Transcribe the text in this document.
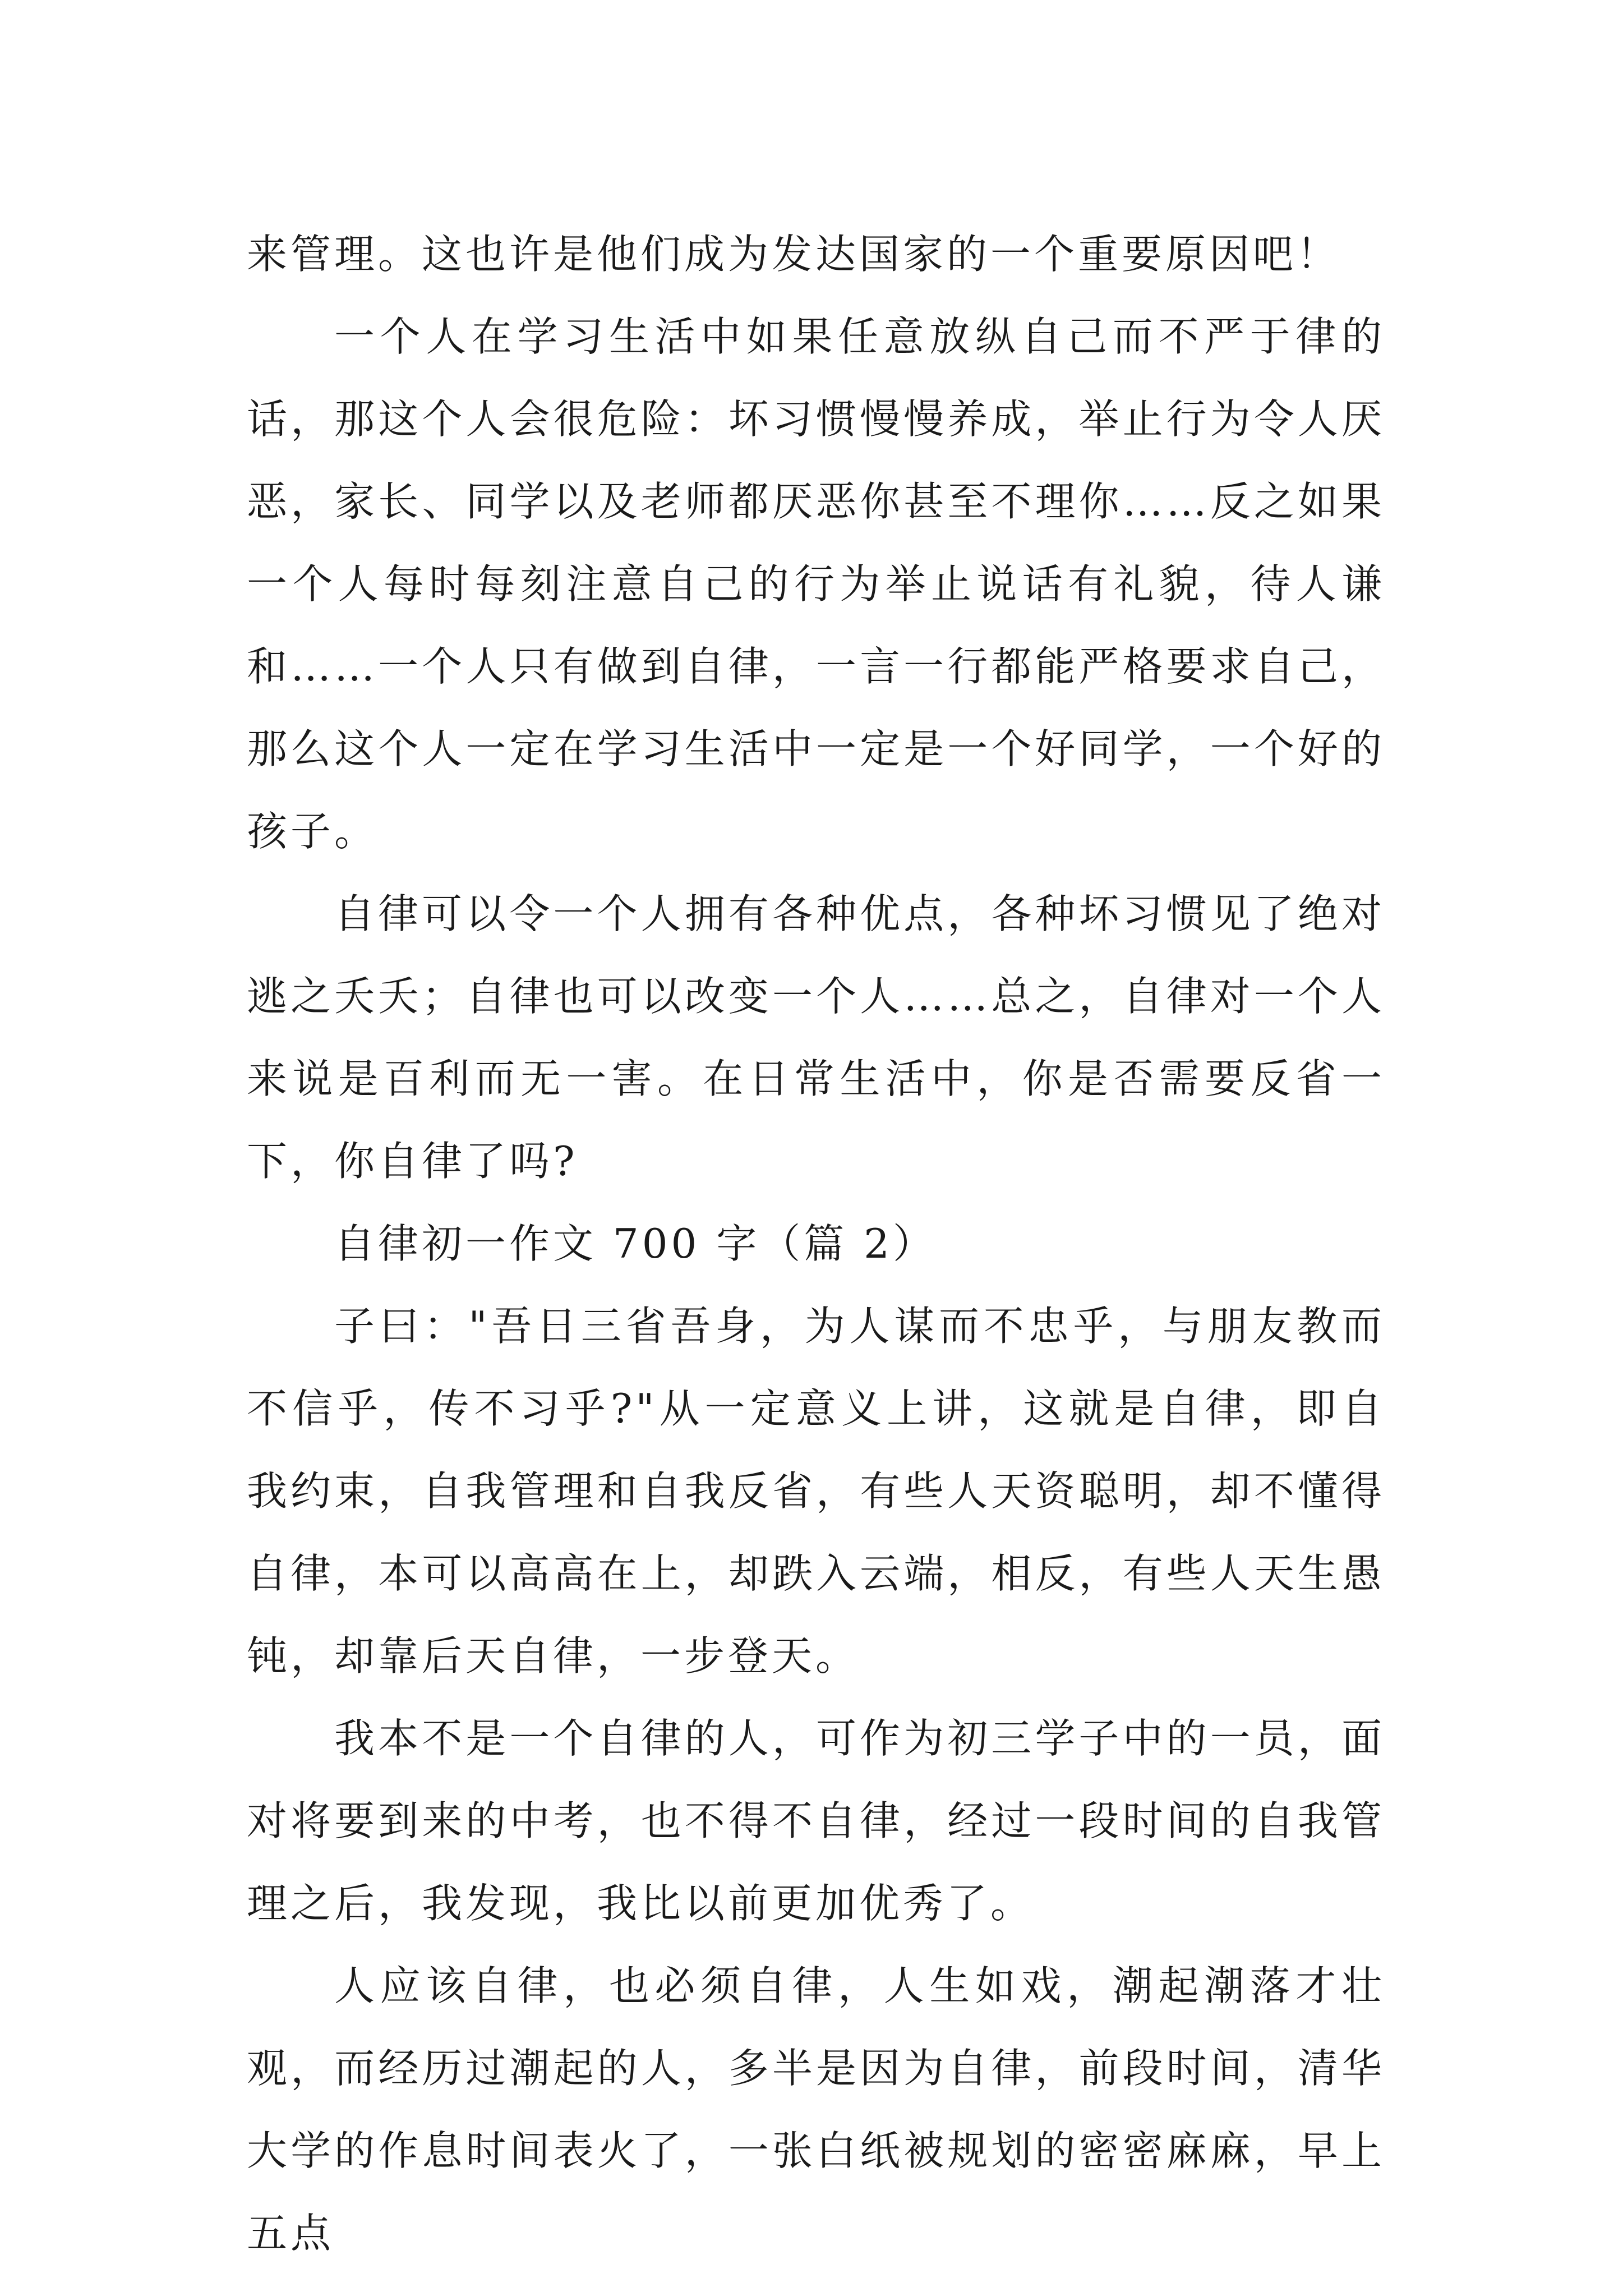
来管理。这也许是他们成为发达国家的一个重要原因吧！

一个人在学习生活中如果任意放纵自己而不严于律的话，那这个人会很危险：坏习惯慢慢养成，举止行为令人厌恶，家长、同学以及老师都厌恶你甚至不理你……反之如果一个人每时每刻注意自己的行为举止说话有礼貌，待人谦和……一个人只有做到自律，一言一行都能严格要求自己，那么这个人一定在学习生活中一定是一个好同学，一个好的孩子。

自律可以令一个人拥有各种优点，各种坏习惯见了绝对逃之夭夭；自律也可以改变一个人……总之，自律对一个人来说是百利而无一害。在日常生活中，你是否需要反省一下，你自律了吗?

自律初一作文 700 字（篇 2）

子曰："吾日三省吾身，为人谋而不忠乎，与朋友教而不信乎，传不习乎?"从一定意义上讲，这就是自律，即自我约束，自我管理和自我反省，有些人天资聪明，却不懂得自律，本可以高高在上，却跌入云端，相反，有些人天生愚钝，却靠后天自律，一步登天。

我本不是一个自律的人，可作为初三学子中的一员，面对将要到来的中考，也不得不自律，经过一段时间的自我管理之后，我发现，我比以前更加优秀了。

人应该自律，也必须自律，人生如戏，潮起潮落才壮观，而经历过潮起的人，多半是因为自律，前段时间，清华大学的作息时间表火了，一张白纸被规划的密密麻麻，早上五点
